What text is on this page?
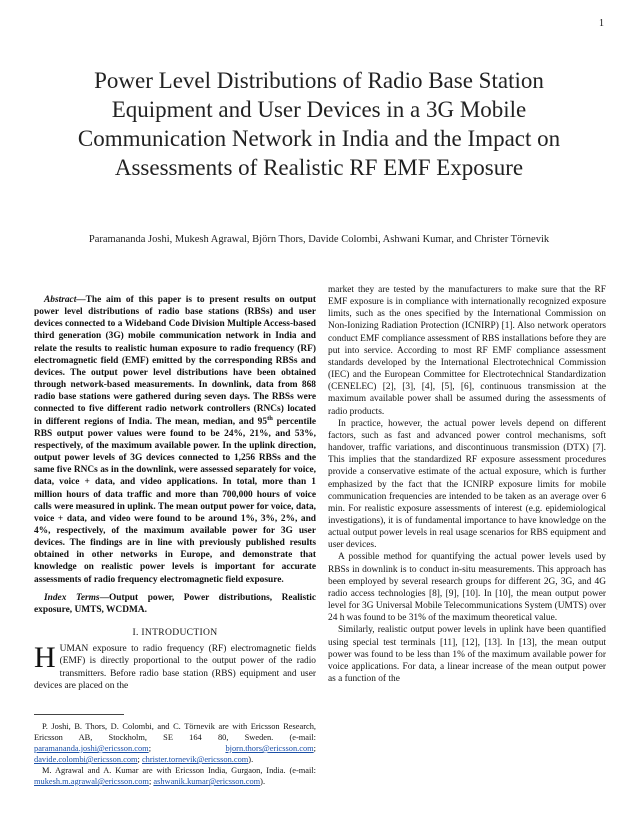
1
Power Level Distributions of Radio Base Station Equipment and User Devices in a 3G Mobile Communication Network in India and the Impact on Assessments of Realistic RF EMF Exposure
Paramananda Joshi, Mukesh Agrawal, Björn Thors, Davide Colombi, Ashwani Kumar, and Christer Törnevik

Abstract—The aim of this paper is to present results on output power level distributions of radio base stations (RBSs) and user devices connected to a Wideband Code Division Multiple Access-based third generation (3G) mobile communication network in India and relate the results to realistic human exposure to radio frequency (RF) electromagnetic field (EMF) emitted by the corresponding RBSs and devices. The output power level distributions have been obtained through network-based measurements. In downlink, data from 868 radio base stations were gathered during seven days. The RBSs were connected to five different radio network controllers (RNCs) located in different regions of India. The mean, median, and 95th percentile RBS output power values were found to be 24%, 21%, and 53%, respectively, of the maximum available power. In the uplink direction, output power levels of 3G devices connected to 1,256 RBSs and the same five RNCs as in the downlink, were assessed separately for voice, data, voice + data, and video applications. In total, more than 1 million hours of data traffic and more than 700,000 hours of voice calls were measured in uplink. The mean output power for voice, data, voice + data, and video were found to be around 1%, 3%, 2%, and 4%, respectively, of the maximum available power for 3G user devices. The findings are in line with previously published results obtained in other networks in Europe, and demonstrate that knowledge on realistic power levels is important for accurate assessments of radio frequency electromagnetic field exposure.

Index Terms—Output power, Power distributions, Realistic exposure, UMTS, WCDMA.

I. INTRODUCTION

HUMAN exposure to radio frequency (RF) electromagnetic fields (EMF) is directly proportional to the output power of the radio transmitters. Before radio base station (RBS) equipment and user devices are placed on the

P. Joshi, B. Thors, D. Colombi, and C. Törnevik are with Ericsson Research, Ericsson AB, Stockholm, SE 164 80, Sweden. (e-mail: paramananda.joshi@ericsson.com; bjorn.thors@ericsson.com; davide.colombi@ericsson.com; christer.tornevik@ericsson.com).

M. Agrawal and A. Kumar are with Ericsson India, Gurgaon, India. (e-mail: mukesh.m.agrawal@ericsson.com; ashwanik.kumar@ericsson.com).

market they are tested by the manufacturers to make sure that the RF EMF exposure is in compliance with internationally recognized exposure limits, such as the ones specified by the International Commission on Non-Ionizing Radiation Protection (ICNIRP) [1]. Also network operators conduct EMF compliance assessment of RBS installations before they are put into service. According to most RF EMF compliance assessment standards developed by the International Electrotechnical Commission (IEC) and the European Committee for Electrotechnical Standardization (CENELEC) [2], [3], [4], [5], [6], continuous transmission at the maximum available power shall be assumed during the assessments of radio products.

In practice, however, the actual power levels depend on different factors, such as fast and advanced power control mechanisms, soft handover, traffic variations, and discontinuous transmission (DTX) [7]. This implies that the standardized RF exposure assessment procedures provide a conservative estimate of the actual exposure, which is further emphasized by the fact that the ICNIRP exposure limits for mobile communication frequencies are intended to be taken as an average over 6 min. For realistic exposure assessments of interest (e.g. epidemiological investigations), it is of fundamental importance to have knowledge on the actual output power levels in real usage scenarios for RBS equipment and user devices.

A possible method for quantifying the actual power levels used by RBSs in downlink is to conduct in-situ measurements. This approach has been employed by several research groups for different 2G, 3G, and 4G radio access technologies [8], [9], [10]. In [10], the mean output power level for 3G Universal Mobile Telecommunications System (UMTS) over 24 h was found to be 31% of the maximum theoretical value.

Similarly, realistic output power levels in uplink have been quantified using special test terminals [11], [12], [13]. In [13], the mean output power was found to be less than 1% of the maximum available power for voice applications. For data, a linear increase of the mean output power as a function of the
